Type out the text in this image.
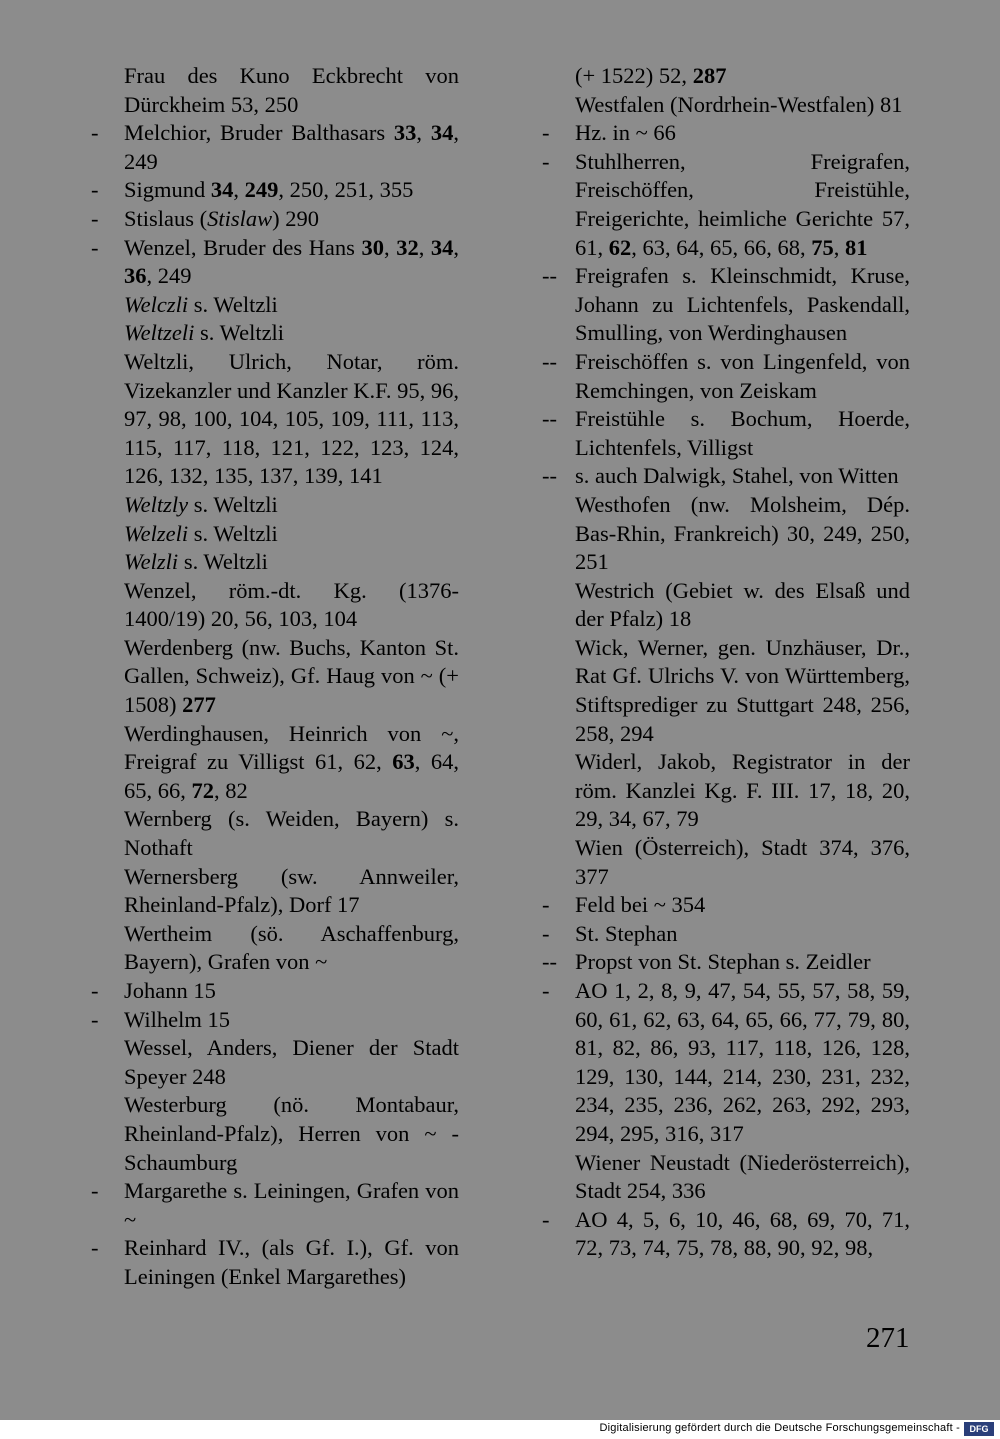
Frau des Kuno Eckbrecht von Dürckheim 53, 250
- Melchior, Bruder Balthasars 33, 34, 249
- Sigmund 34, 249, 250, 251, 355
- Stislaus (Stislaw) 290
- Wenzel, Bruder des Hans 30, 32, 34, 36, 249
Welczli s. Weltzli
Weltzeli s. Weltzli
Weltzli, Ulrich, Notar, röm. Vizekanzler und Kanzler K.F. 95, 96, 97, 98, 100, 104, 105, 109, 111, 113, 115, 117, 118, 121, 122, 123, 124, 126, 132, 135, 137, 139, 141
Weltzly s. Weltzli
Welzeli s. Weltzli
Welzli s. Weltzli
Wenzel, röm.-dt. Kg. (1376-1400/19) 20, 56, 103, 104
Werdenberg (nw. Buchs, Kanton St. Gallen, Schweiz), Gf. Haug von ~ (+ 1508) 277
Werdinghausen, Heinrich von ~, Freigraf zu Villigst 61, 62, 63, 64, 65, 66, 72, 82
Wernberg (s. Weiden, Bayern) s. Nothaft
Wernersberg (sw. Annweiler, Rheinland-Pfalz), Dorf 17
Wertheim (sö. Aschaffenburg, Bayern), Grafen von ~
- Johann 15
- Wilhelm 15
Wessel, Anders, Diener der Stadt Speyer 248
Westerburg (nö. Montabaur, Rheinland-Pfalz), Herren von ~ - Schaumburg
- Margarethe s. Leiningen, Grafen von ~
- Reinhard IV., (als Gf. I.), Gf. von Leiningen (Enkel Margarethes)
(+ 1522) 52, 287
Westfalen (Nordrhein-Westfalen) 81
- Hz. in ~ 66
- Stuhlherren, Freigrafen, Freischöffen, Freistühle, Freigerichte, heimliche Gerichte 57, 61, 62, 63, 64, 65, 66, 68, 75, 81
-- Freigrafen s. Kleinschmidt, Kruse, Johann zu Lichtenfels, Paskendall, Smulling, von Werdinghausen
-- Freischöffen s. von Lingenfeld, von Remchingen, von Zeiskam
-- Freistühle s. Bochum, Hoerde, Lichtenfels, Villigst
-- s. auch Dalwigk, Stahel, von Witten
Westhofen (nw. Molsheim, Dép. Bas-Rhin, Frankreich) 30, 249, 250, 251
Westrich (Gebiet w. des Elsaß und der Pfalz) 18
Wick, Werner, gen. Unzhäuser, Dr., Rat Gf. Ulrichs V. von Württemberg, Stiftsprediger zu Stuttgart 248, 256, 258, 294
Widerl, Jakob, Registrator in der röm. Kanzlei Kg. F. III. 17, 18, 20, 29, 34, 67, 79
Wien (Österreich), Stadt 374, 376, 377
- Feld bei ~ 354
- St. Stephan
-- Propst von St. Stephan s. Zeidler
- AO 1, 2, 8, 9, 47, 54, 55, 57, 58, 59, 60, 61, 62, 63, 64, 65, 66, 77, 79, 80, 81, 82, 86, 93, 117, 118, 126, 128, 129, 130, 144, 214, 230, 231, 232, 234, 235, 236, 262, 263, 292, 293, 294, 295, 316, 317
Wiener Neustadt (Niederösterreich), Stadt 254, 336
- AO 4, 5, 6, 10, 46, 68, 69, 70, 71, 72, 73, 74, 75, 78, 88, 90, 92, 98,
271
Digitalisierung gefördert durch die Deutsche Forschungsgemeinschaft -	DFG
